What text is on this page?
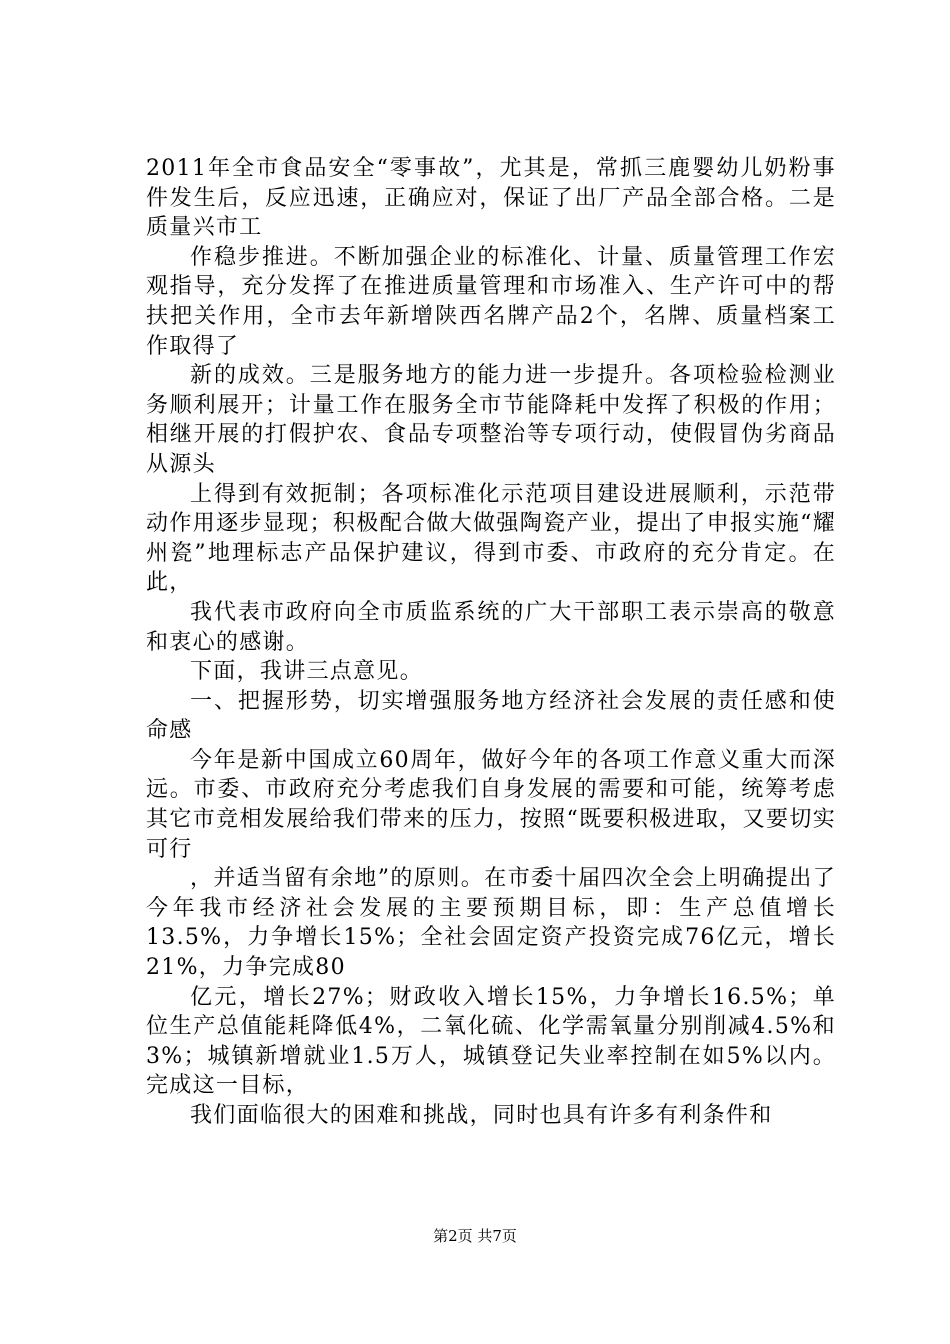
2011年全市食品安全“零事故”，尤其是，常抓三鹿婴幼儿奶粉事件发生后，反应迅速，正确应对，保证了出厂产品全部合格。二是质量兴市工

作稳步推进。不断加强企业的标准化、计量、质量管理工作宏观指导，充分发挥了在推进质量管理和市场准入、生产许可中的帮扶把关作用，全市去年新增陕西名牌产品2个，名牌、质量档案工作取得了

新的成效。三是服务地方的能力进一步提升。各项检验检测业务顺利展开；计量工作在服务全市节能降耗中发挥了积极的作用；相继开展的打假护农、食品专项整治等专项行动，使假冒伪劣商品从源头

上得到有效扼制；各项标准化示范项目建设进展顺利，示范带动作用逐步显现；积极配合做大做强陶瓷产业，提出了申报实施“耀州瓷”地理标志产品保护建议，得到市委、市政府的充分肯定。在此，

我代表市政府向全市质监系统的广大干部职工表示崇高的敬意和衷心的感谢。

下面，我讲三点意见。

一、把握形势，切实增强服务地方经济社会发展的责任感和使命感

今年是新中国成立60周年，做好今年的各项工作意义重大而深远。市委、市政府充分考虑我们自身发展的需要和可能，统筹考虑其它市竞相发展给我们带来的压力，按照“既要积极进取，又要切实可行

，并适当留有余地”的原则。在市委十届四次全会上明确提出了今年我市经济社会发展的主要预期目标，即：生产总值增长13.5%，力争增长15%；全社会固定资产投资完成76亿元，增长21%，力争完成80

亿元，增长27%；财政收入增长15%，力争增长16.5%；单位生产总值能耗降低4%，二氧化硫、化学需氧量分别削减4.5%和3%；城镇新增就业1.5万人，城镇登记失业率控制在如5%以内。完成这一目标，

我们面临很大的困难和挑战，同时也具有许多有利条件和

第2页 共7页
